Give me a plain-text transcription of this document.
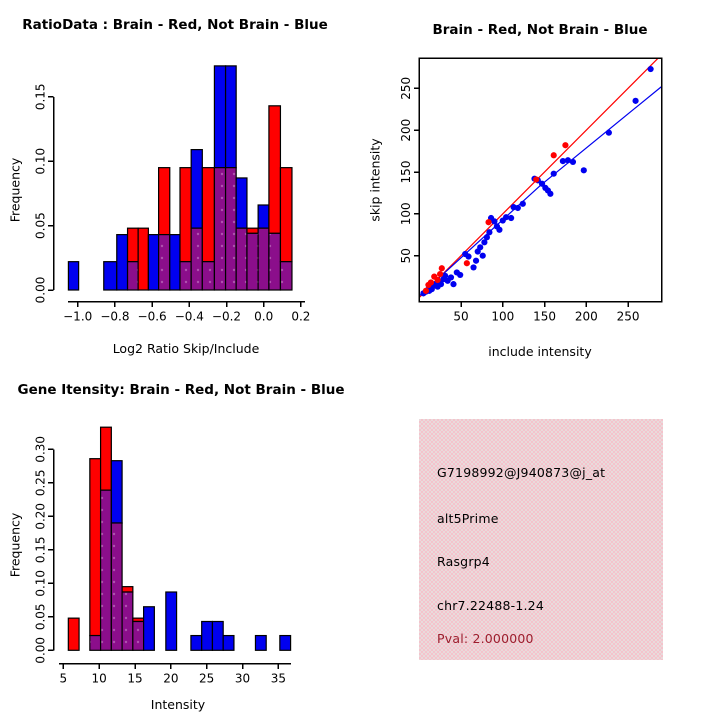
−1.0 −0.8 −0.6 −0.4 −0.2 0.0 0.2
0.00
0.05
0.10
0.15
5 10 15 20 25 30 35
0.00
0.05
0.10
0.15
0.20
0.25
0.30
50 100 150 200 250
50
100
150
200
250
RatioData : Brain - Red, Not Brain - Blue
Log2 Ratio Skip/Include
Frequency
Brain - Red, Not Brain - Blue
include intensity
skip intensity
Gene Itensity: Brain - Red, Not Brain - Blue
Intensity
Frequency
G7198992@J940873@j_at
alt5Prime
Rasgrp4
chr7.22488-1.24
Pval: 2.000000
